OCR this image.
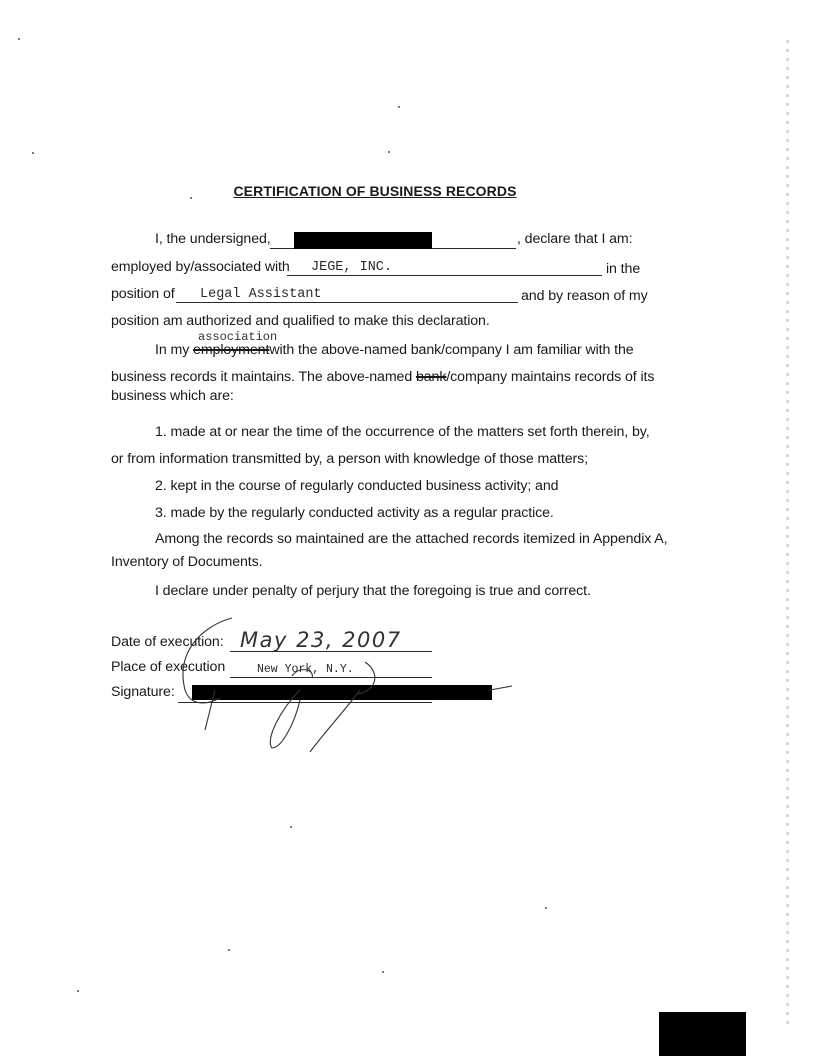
CERTIFICATION OF BUSINESS RECORDS
I, the undersigned,	, declare that I am:
employed by/associated with JEGE, INC.	in the
position of Legal Assistant	and by reason of my
position am authorized and qualified to make this declaration.
association
In my employmentwith the above-named bank/company I am familiar with the
business records it maintains. The above-named bank/company maintains records of its
business which are:
1. made at or near the time of the occurrence of the matters set forth therein, by,
or from information transmitted by, a person with knowledge of those matters;
2. kept in the course of regularly conducted business activity; and
3. made by the regularly conducted activity as a regular practice.
Among the records so maintained are the attached records itemized in Appendix A,
Inventory of Documents.
I declare under penalty of perjury that the foregoing is true and correct.
Date of execution: May 23, 2007
Place of execution	New York, N.Y.
Signature:
